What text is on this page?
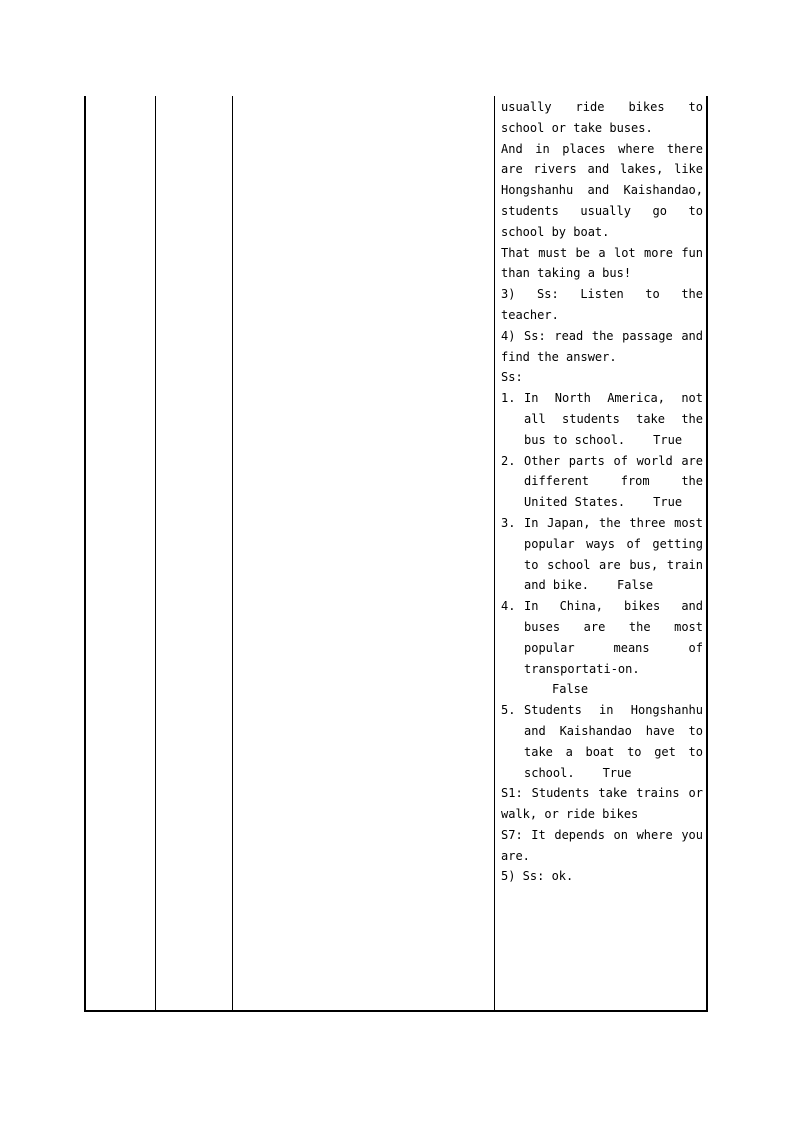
usually ride bikes to school or take buses.

And in places where there are rivers and lakes, like Hongshanhu and Kaishandao, students usually go to school by boat.

That must be a lot more fun than taking a bus!

3) Ss: Listen to the teacher.

4) Ss: read the passage and find the answer.

Ss:

1. In North America, not all students take the bus to school. True
2. Other parts of world are different from the United States. True
3. In Japan, the three most popular ways of getting to school are bus, train and bike. False
4. In China, bikes and buses are the most popular means of transportati-on.False
5. Students in Hongshanhu and Kaishandao have to take a boat to get to school. True

S1: Students take trains or walk, or ride bikes

S7: It depends on where you are.

5) Ss: ok.
